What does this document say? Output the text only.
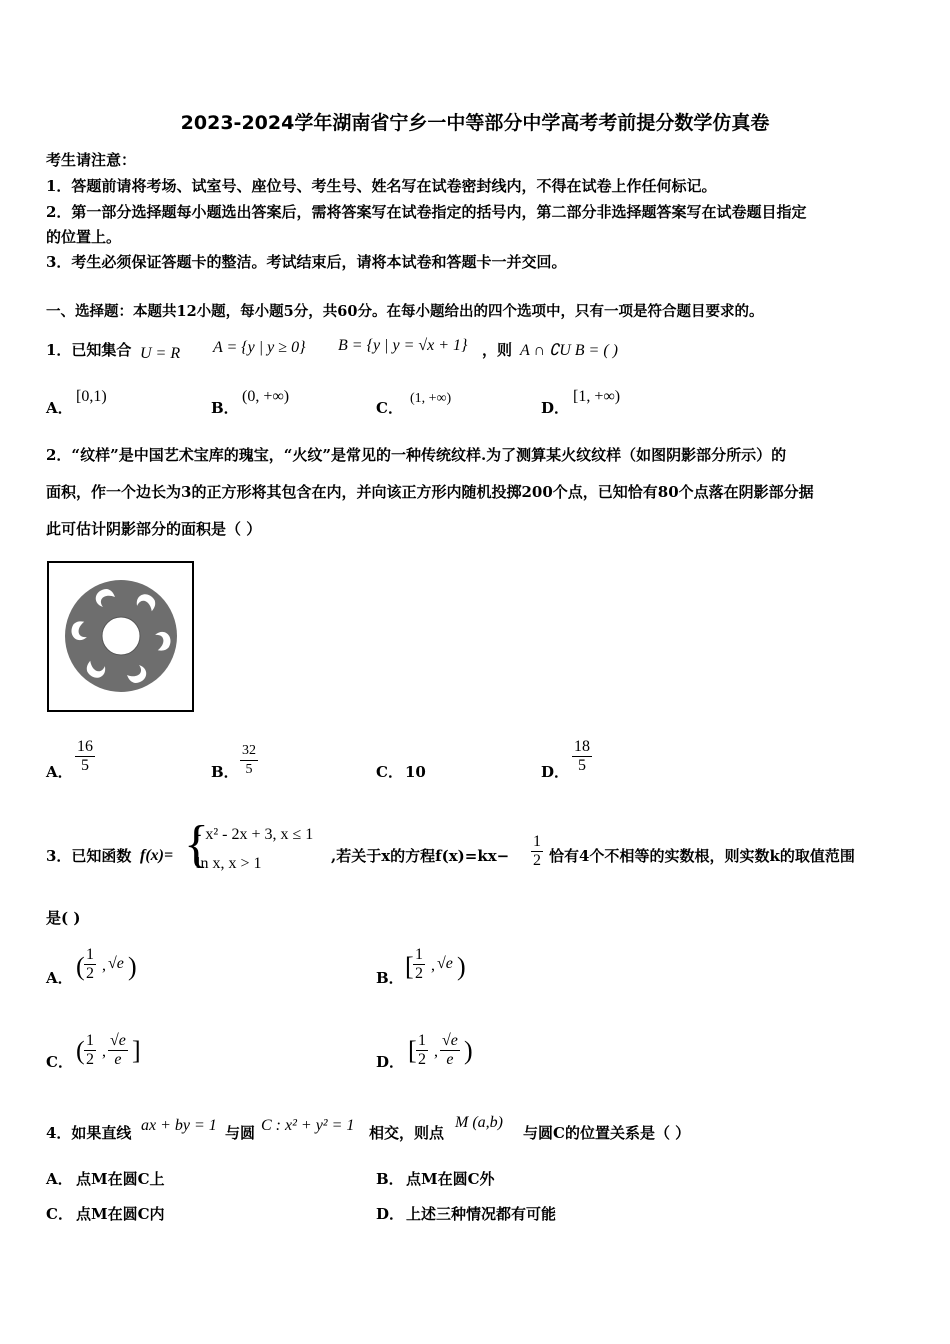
2023-2024学年湖南省宁乡一中等部分中学高考考前提分数学仿真卷
考生请注意：
1．答题前请将考场、试室号、座位号、考生号、姓名写在试卷密封线内，不得在试卷上作任何标记。
2．第一部分选择题每小题选出答案后，需将答案写在试卷指定的括号内，第二部分非选择题答案写在试卷题目指定
的位置上。
3．考生必须保证答题卡的整洁。考试结束后，请将本试卷和答题卡一并交回。
一、选择题：本题共12小题，每小题5分，共60分。在每小题给出的四个选项中，只有一项是符合题目要求的。
1．已知集合 U = R A = {y | y ≥ 0} B = {y | y = √x + 1} ，则 A ∩ ∁U B = ( )
A．
[0,1)
B．
(0, +∞)
C．
(1, +∞)
D．
[1, +∞)
2．“纹样”是中国艺术宝库的瑰宝，“火纹”是常见的一种传统纹样.为了测算某火纹纹样（如图阴影部分所示）的
面积，作一个边长为3的正方形将其包含在内，并向该正方形内随机投掷200个点，已知恰有80个点落在阴影部分据
此可估计阴影部分的面积是（ ）
A． $\frac{16}{5}$	B． $\frac{32}{5}$	C． 10	D． $\frac{18}{5}$
3．已知函数 f(x)= {
- x² - 2x + 3, x ≤ 1
ln x, x > 1	,若关于x的方程$f(x)=kx- \frac{1}{2}$ 恰有4个不相等的实数根，则实数k的取值范围
是( )
A． ( $\frac{1}{2}$ , √e )	B． [ $\frac{1}{2}$ , √e )
C． ( $\frac{1}{2}$ , $\frac{√e}{e}$ ]	D． [ $\frac{1}{2}$ , $\frac{√e}{e}$ )
4．如果直线 ax + by = 1 与圆 C : x² + y² = 1 相交，则点
M (a,b)
与圆C的位置关系是（ ）
A． 点M在圆C上	B． 点M在圆C外
C． 点M在圆C内	D． 上述三种情况都有可能
